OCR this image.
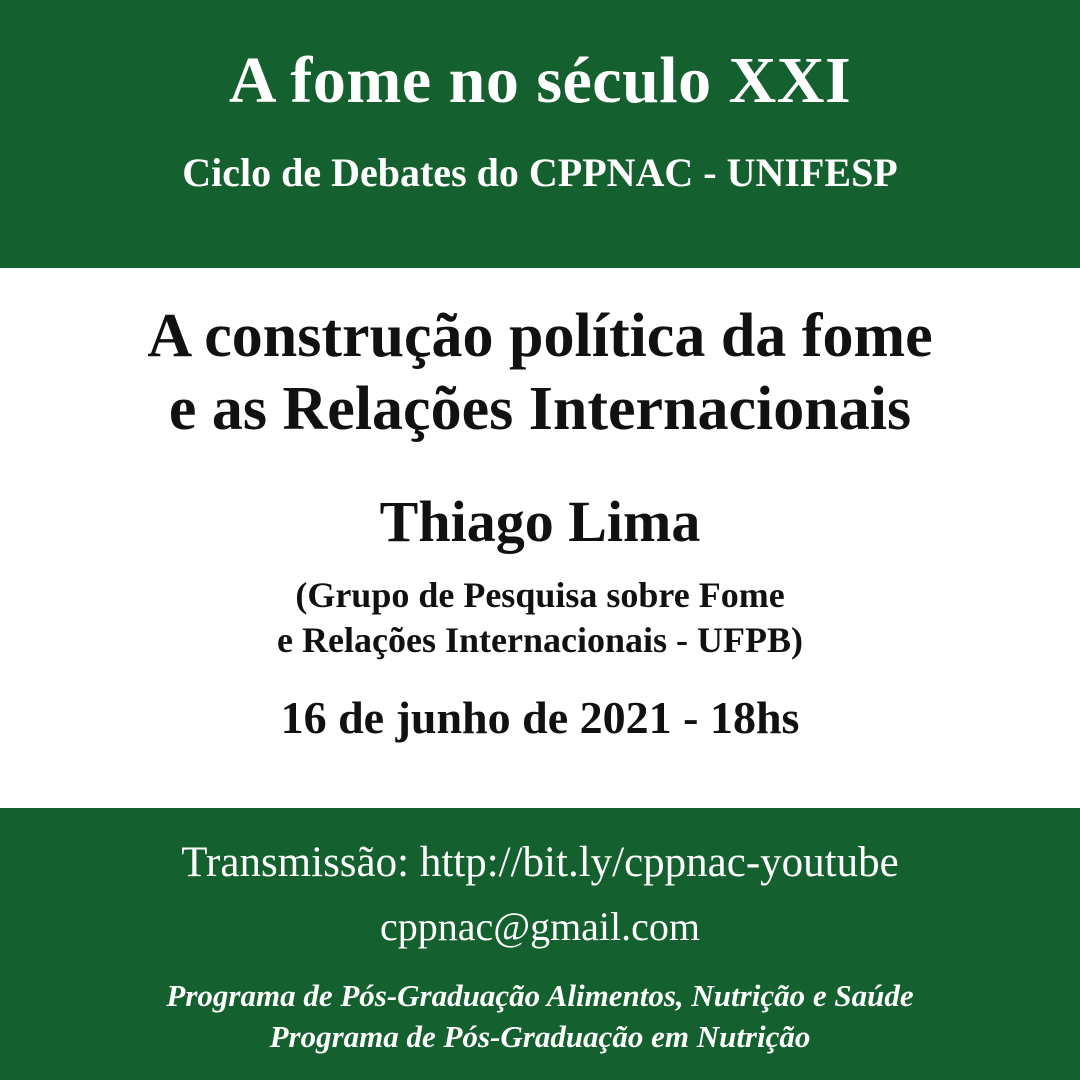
A fome no século XXI
Ciclo de Debates do CPPNAC - UNIFESP
A construção política da fome
e as Relações Internacionais
Thiago Lima
(Grupo de Pesquisa sobre Fome
e Relações Internacionais - UFPB)
16 de junho de 2021 - 18hs
Transmissão: http://bit.ly/cppnac-youtube
cppnac@gmail.com
Programa de Pós-Graduação Alimentos, Nutrição e Saúde
Programa de Pós-Graduação em Nutrição
